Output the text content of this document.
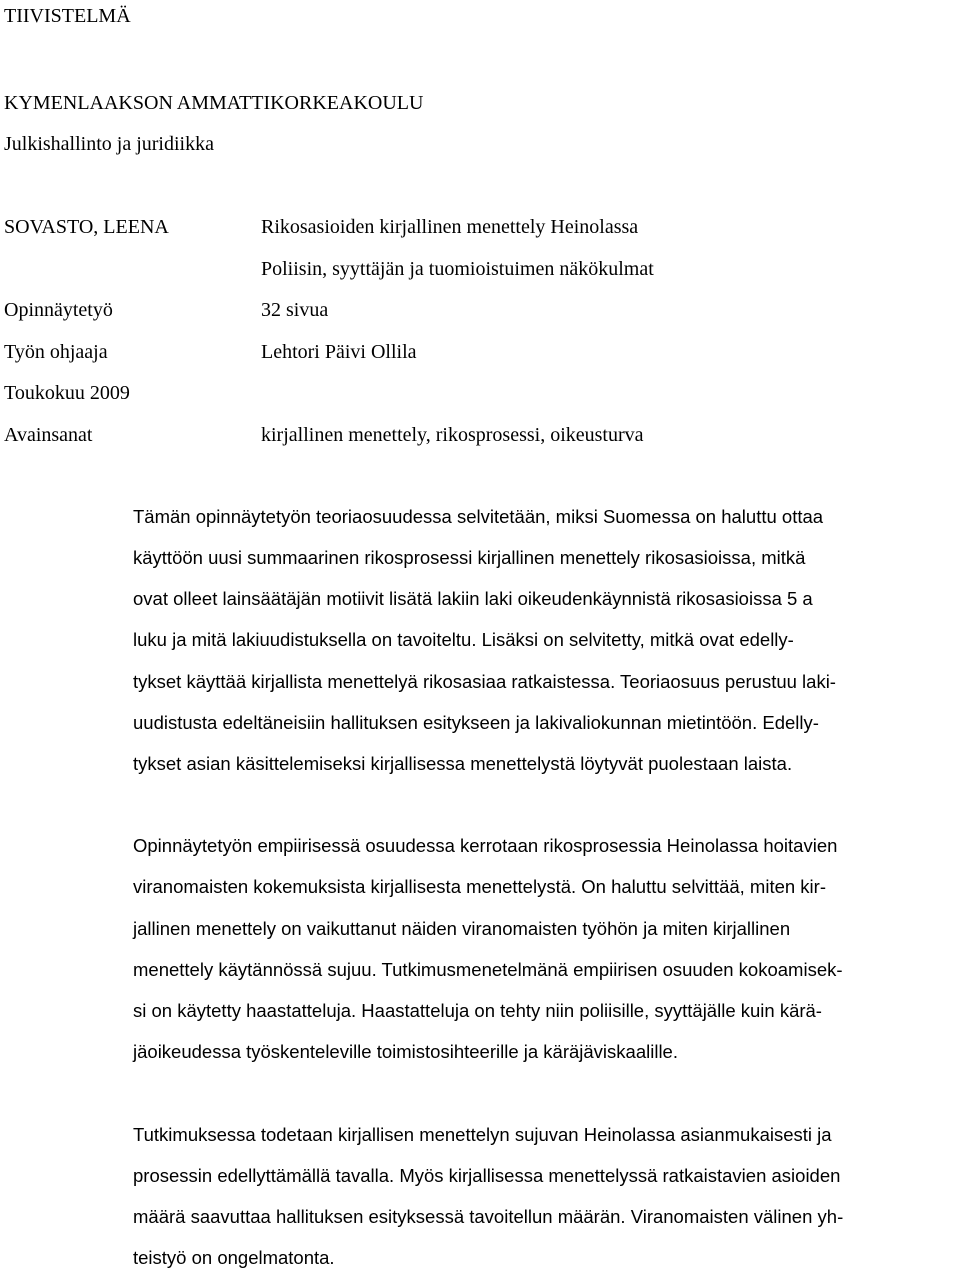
TIIVISTELMÄ
KYMENLAAKSON AMMATTIKORKEAKOULU
Julkishallinto ja juridiikka
SOVASTO, LEENA	Rikosasioiden kirjallinen menettely Heinolassa
Poliisin, syyttäjän ja tuomioistuimen näkökulmat
Opinnäytetyö	32 sivua
Työn ohjaaja	Lehtori Päivi Ollila
Toukokuu 2009
Avainsanat	kirjallinen menettely, rikosprosessi, oikeusturva
Tämän opinnäytetyön teoriaosuudessa selvitetään, miksi Suomessa on haluttu ottaa
käyttöön uusi summaarinen rikosprosessi kirjallinen menettely rikosasioissa, mitkä
ovat olleet lainsäätäjän motiivit lisätä lakiin laki oikeudenkäynnistä rikosasioissa 5 a
luku ja mitä lakiuudistuksella on tavoiteltu. Lisäksi on selvitetty, mitkä ovat edelly-
tykset käyttää kirjallista menettelyä rikosasiaa ratkaistessa. Teoriaosuus perustuu laki-
uudistusta edeltäneisiin hallituksen esitykseen ja lakivaliokunnan mietintöön. Edelly-
tykset asian käsittelemiseksi kirjallisessa menettelystä löytyvät puolestaan laista.
Opinnäytetyön empiirisessä osuudessa kerrotaan rikosprosessia Heinolassa hoitavien
viranomaisten kokemuksista kirjallisesta menettelystä. On haluttu selvittää, miten kir-
jallinen menettely on vaikuttanut näiden viranomaisten työhön ja miten kirjallinen
menettely käytännössä sujuu. Tutkimusmenetelmänä empiirisen osuuden kokoamisek-
si on käytetty haastatteluja. Haastatteluja on tehty niin poliisille, syyttäjälle kuin kärä-
jäoikeudessa työskenteleville toimistosihteerille ja käräjäviskaalille.
Tutkimuksessa todetaan kirjallisen menettelyn sujuvan Heinolassa asianmukaisesti ja
prosessin edellyttämällä tavalla. Myös kirjallisessa menettelyssä ratkaistavien asioiden
määrä saavuttaa hallituksen esityksessä tavoitellun määrän. Viranomaisten välinen yh-
teistyö on ongelmatonta.
